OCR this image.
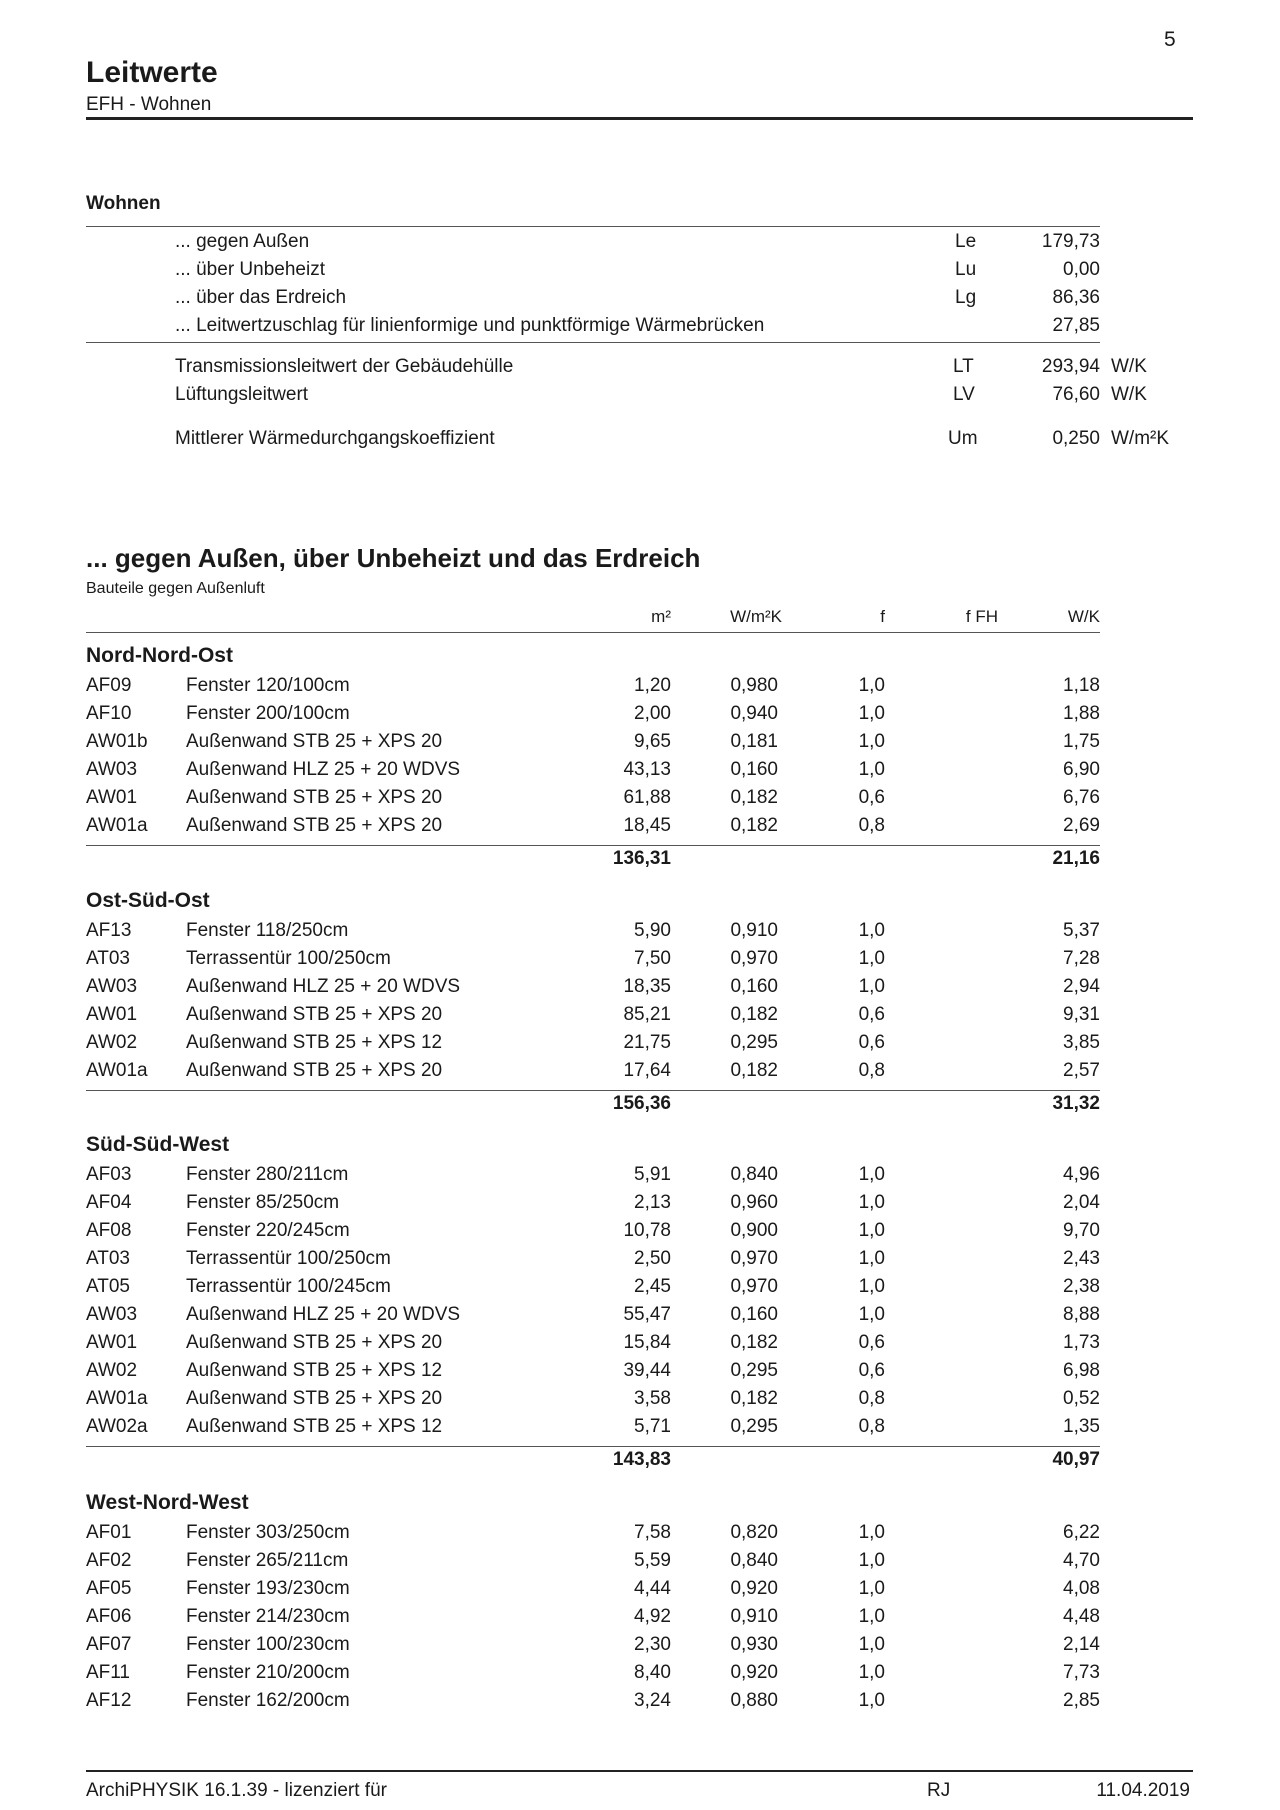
5
Leitwerte
EFH - Wohnen
Wohnen
... gegen Außen	Le	179,73
... über Unbeheizt	Lu	0,00
... über das Erdreich	Lg	86,36
... Leitwertzuschlag für linienformige und punktförmige Wärmebrücken	27,85
Transmissionsleitwert der Gebäudehülle	LT	293,94 W/K
Lüftungsleitwert	LV	76,60 W/K
Mittlerer Wärmedurchgangskoeffizient	Um	0,250 W/m²K
... gegen Außen, über Unbeheizt und das Erdreich
Bauteile gegen Außenluft
m²	W/m²K	f	f FH	W/K
Nord-Nord-Ost
AF09	Fenster 120/100cm	1,20	0,980	1,0	1,18
AF10	Fenster 200/100cm	2,00	0,940	1,0	1,88
AW01b Außenwand STB 25 + XPS 20	9,65	0,181	1,0	1,75
AW03	Außenwand HLZ 25 + 20 WDVS	43,13	0,160	1,0	6,90
AW01	Außenwand STB 25 + XPS 20	61,88	0,182	0,6	6,76
AW01a Außenwand STB 25 + XPS 20	18,45	0,182	0,8	2,69
136,31	21,16
Ost-Süd-Ost
AF13	Fenster 118/250cm	5,90	0,910	1,0	5,37
AT03	Terrassentür 100/250cm	7,50	0,970	1,0	7,28
AW03	Außenwand HLZ 25 + 20 WDVS	18,35	0,160	1,0	2,94
AW01	Außenwand STB 25 + XPS 20	85,21	0,182	0,6	9,31
AW02	Außenwand STB 25 + XPS 12	21,75	0,295	0,6	3,85
AW01a Außenwand STB 25 + XPS 20	17,64	0,182	0,8	2,57
156,36	31,32
Süd-Süd-West
AF03	Fenster 280/211cm	5,91	0,840	1,0	4,96
AF04	Fenster 85/250cm	2,13	0,960	1,0	2,04
AF08	Fenster 220/245cm	10,78	0,900	1,0	9,70
AT03	Terrassentür 100/250cm	2,50	0,970	1,0	2,43
AT05	Terrassentür 100/245cm	2,45	0,970	1,0	2,38
AW03	Außenwand HLZ 25 + 20 WDVS	55,47	0,160	1,0	8,88
AW01	Außenwand STB 25 + XPS 20	15,84	0,182	0,6	1,73
AW02	Außenwand STB 25 + XPS 12	39,44	0,295	0,6	6,98
AW01a Außenwand STB 25 + XPS 20	3,58	0,182	0,8	0,52
AW02a Außenwand STB 25 + XPS 12	5,71	0,295	0,8	1,35
143,83	40,97
West-Nord-West
AF01	Fenster 303/250cm	7,58	0,820	1,0	6,22
AF02	Fenster 265/211cm	5,59	0,840	1,0	4,70
AF05	Fenster 193/230cm	4,44	0,920	1,0	4,08
AF06	Fenster 214/230cm	4,92	0,910	1,0	4,48
AF07	Fenster 100/230cm	2,30	0,930	1,0	2,14
AF11	Fenster 210/200cm	8,40	0,920	1,0	7,73
AF12	Fenster 162/200cm	3,24	0,880	1,0	2,85
ArchiPHYSIK 16.1.39 - lizenziert für	RJ	11.04.2019
